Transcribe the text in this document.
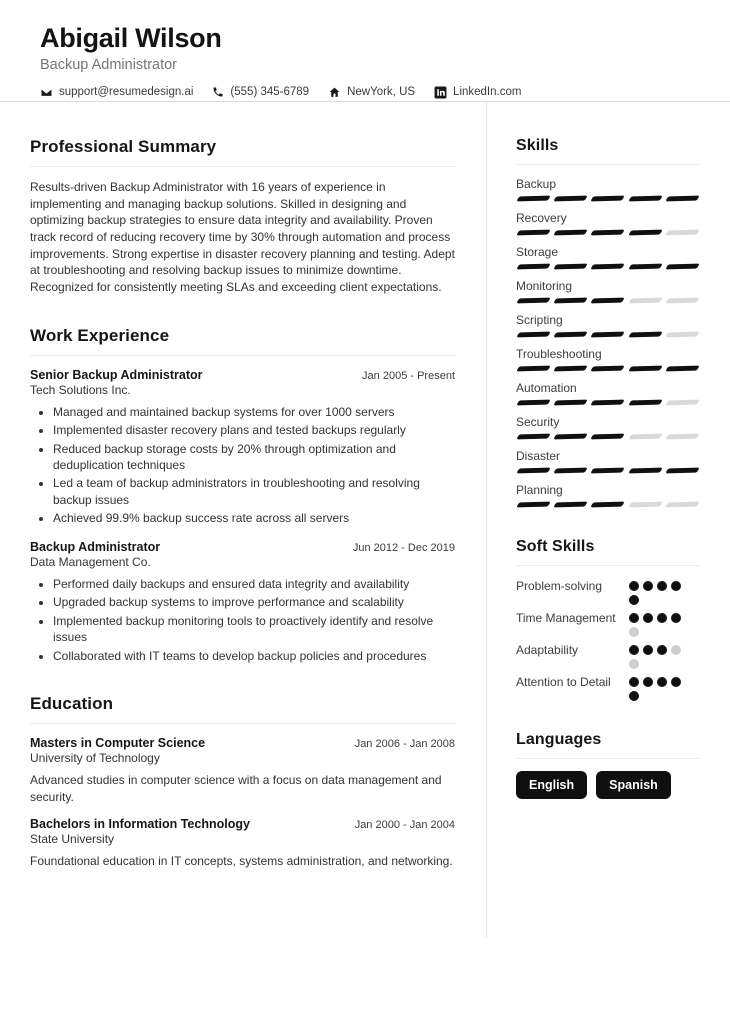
Abigail Wilson
Backup Administrator
support@resumedesign.ai	(555) 345-6789	NewYork, US	LinkedIn.com
Professional Summary

Results-driven Backup Administrator with 16 years of experience in implementing and managing backup solutions. Skilled in designing and optimizing backup strategies to ensure data integrity and availability. Proven track record of reducing recovery time by 30% through automation and process improvements. Strong expertise in disaster recovery planning and testing. Adept at troubleshooting and resolving backup issues to minimize downtime. Recognized for consistently meeting SLAs and exceeding client expectations.

Work Experience
Senior Backup Administrator	Jan 2005 - Present
Tech Solutions Inc.
• Managed and maintained backup systems for over 1000 servers
• Implemented disaster recovery plans and tested backups regularly
• Reduced backup storage costs by 20% through optimization and deduplication techniques
• Led a team of backup administrators in troubleshooting and resolving backup issues
• Achieved 99.9% backup success rate across all servers
Backup Administrator	Jun 2012 - Dec 2019
Data Management Co.
• Performed daily backups and ensured data integrity and availability
• Upgraded backup systems to improve performance and scalability
• Implemented backup monitoring tools to proactively identify and resolve issues
• Collaborated with IT teams to develop backup policies and procedures
Education
Masters in Computer Science	Jan 2006 - Jan 2008
University of Technology

Advanced studies in computer science with a focus on data management and security.

Bachelors in Information Technology	Jan 2000 - Jan 2004
State University

Foundational education in IT concepts, systems administration, and networking.

Skills
Backup
Recovery
Storage
Monitoring
Scripting
Troubleshooting
Automation
Security
Disaster
Planning
Soft Skills
Problem-solving
Time Management
Adaptability
Attention to Detail
Languages
English	Spanish
